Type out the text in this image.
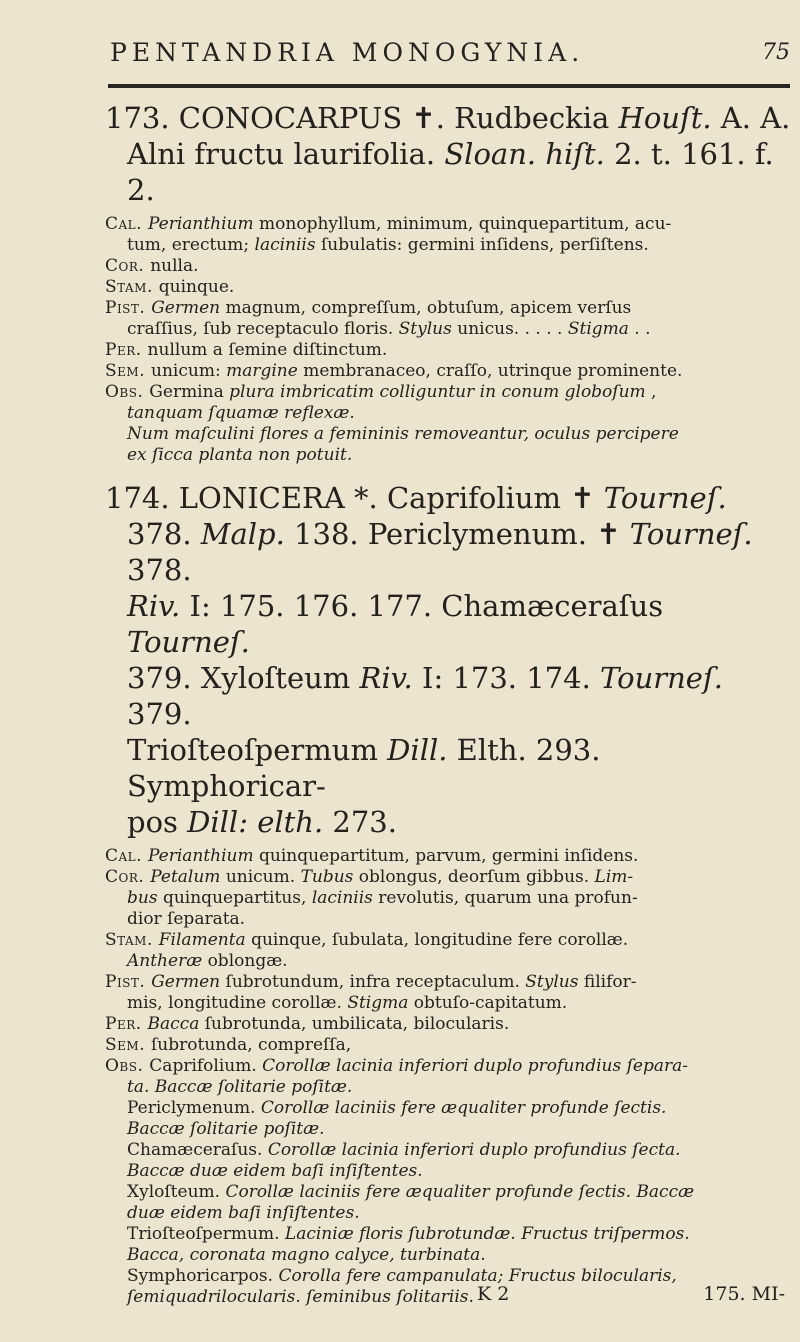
PENTANDRIA MONOGYNIA.	75

173. CONOCARPUS ✝. Rudbeckia Houſt. A. A.

Alni fructu laurifolia. Sloan. hiſt. 2. t. 161. f. 2.

Cal. Perianthium monophyllum, minimum, quinquepartitum, acu-

tum, erectum; laciniis ſubulatis: germini inſidens, perſiſtens.

Cor. nulla.

Stam. quinque.

Pist. Germen magnum, compreſſum, obtuſum, apicem verſus

craſſius, ſub receptaculo floris. Stylus unicus. . . . . Stigma . .

Per. nullum a ſemine diſtinctum.

Sem. unicum: margine membranaceo, craſſo, utrinque prominente.

Obs. Germina plura imbricatim colliguntur in conum globoſum ,

tanquam ſquamæ reflexæ.

Num maſculini flores a femininis removeantur, oculus percipere

ex ſicca planta non potuit.

174. LONICERA *. Caprifolium ✝ Tourneſ.

378. Malp. 138. Periclymenum. ✝ Tourneſ. 378.

Riv. I: 175. 176. 177. Chamæceraſus Tourneſ.

379. Xyloſteum Riv. I: 173. 174. Tourneſ. 379.

Trioſteoſpermum Dill. Elth. 293. Symphoricar-

pos Dill: elth. 273.

Cal. Perianthium quinquepartitum, parvum, germini inſidens.

Cor. Petalum unicum. Tubus oblongus, deorſum gibbus. Lim-

bus quinquepartitus, laciniis revolutis, quarum una profun-

dior ſeparata.

Stam. Filamenta quinque, ſubulata, longitudine fere corollæ.

Antheræ oblongæ.

Pist. Germen ſubrotundum, infra receptaculum. Stylus filifor-

mis, longitudine corollæ. Stigma obtuſo-capitatum.

Per. Bacca ſubrotunda, umbilicata, bilocularis.

Sem. ſubrotunda, compreſſa,

Obs. Caprifolium. Corollæ lacinia inferiori duplo profundius ſepara-

ta. Baccæ ſolitarie poſitæ.

Periclymenum. Corollæ laciniis fere æqualiter profunde ſectis.

Baccæ ſolitarie poſitæ.

Chamæceraſus. Corollæ lacinia inferiori duplo profundius ſecta.

Baccæ duæ eidem baſi inſiſtentes.

Xyloſteum. Corollæ laciniis fere æqualiter profunde ſectis. Baccæ

duæ eidem baſi inſiſtentes.

Trioſteoſpermum. Laciniæ floris ſubrotundæ. Fructus triſpermos.

Bacca, coronata magno calyce, turbinata.

Symphoricarpos. Corolla fere campanulata; Fructus bilocularis,

ſemiquadrilocularis. ſeminibus ſolitariis. K 2	175. MI-
